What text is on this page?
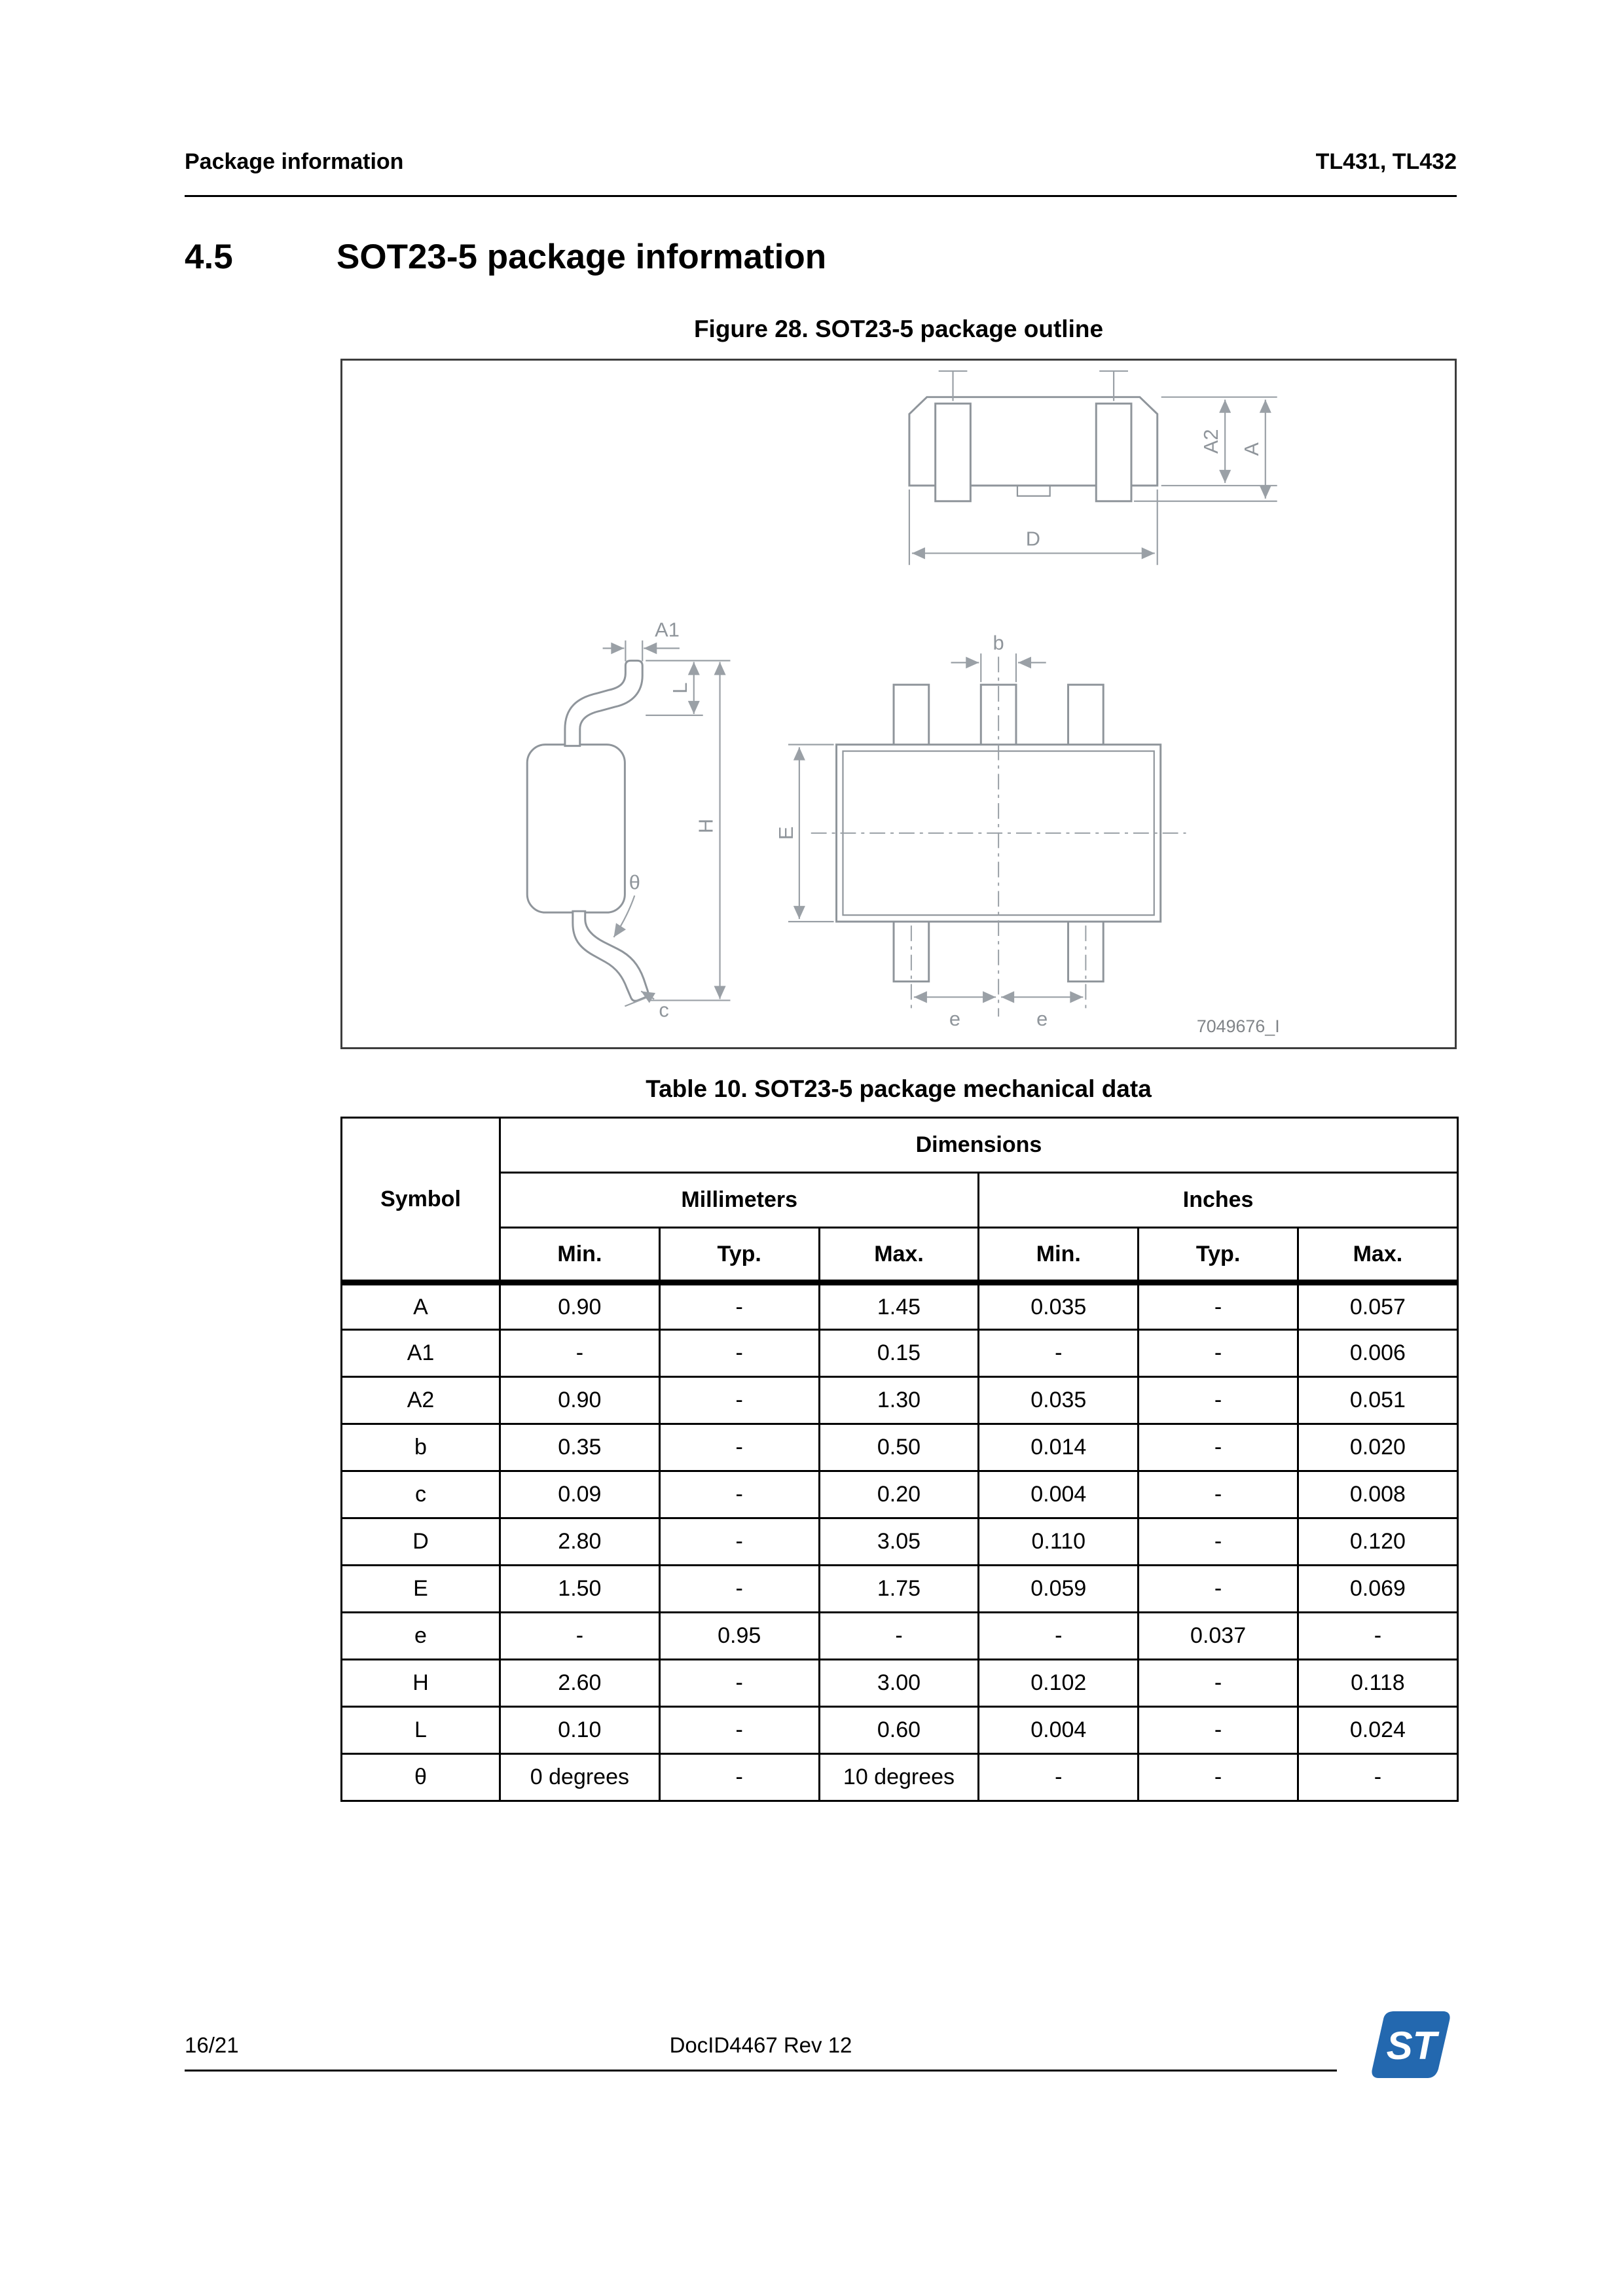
Package information	TL431, TL432
4.5	SOT23-5 package information
Figure 28. SOT23-5 package outline
A2 A
D
A1
L
H
θ
c
b
E
e	e	7049676_I
Table 10. SOT23-5 package mechanical data
Symbol	Dimensions					
	Millimeters			Inches		
	Min.	Typ.	Max.	Min.	Typ.	Max.
A	0.90	-	1.45	0.035	-	0.057
A1	-	-	0.15	-	-	0.006
A2	0.90	-	1.30	0.035	-	0.051
b	0.35	-	0.50	0.014	-	0.020
c	0.09	-	0.20	0.004	-	0.008
D	2.80	-	3.05	0.110	-	0.120
E	1.50	-	1.75	0.059	-	0.069
e	-	0.95	-	-	0.037	-
H	2.60	-	3.00	0.102	-	0.118
L	0.10	-	0.60	0.004	-	0.024
θ	0 degrees	-	10 degrees	-	-	-
16/21	DocID4467 Rev 12	ST
